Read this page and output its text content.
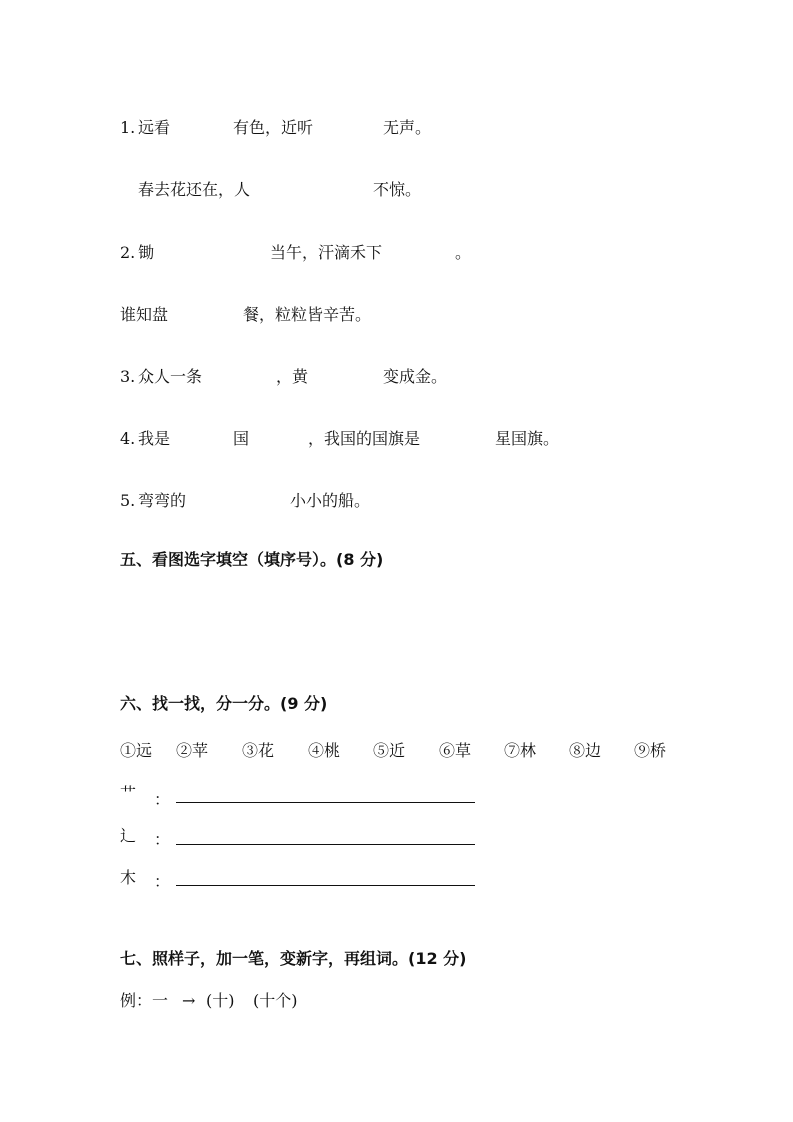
1. 远看	有色，近听	无声。
春去花还在，人	不惊。
2. 锄	当午，汗滴禾下	。
谁知盘	餐，粒粒皆辛苦。
3. 众人一条	，黄	变成金。
4. 我是	国	，我国的国旗是	星国旗。
5. 弯弯的	小小的船。
五、看图选字填空（填序号）。(8 分)
六、找一找，分一分。(9 分)
①远 ②苹 ③花 ④桃 ⑤近 ⑥草 ⑦林 ⑧边 ⑨桥
艹 ：
辶 ：
木 ：
七、照样子，加一笔，变新字，再组词。(12 分)
例：一 → (十) (十个)
